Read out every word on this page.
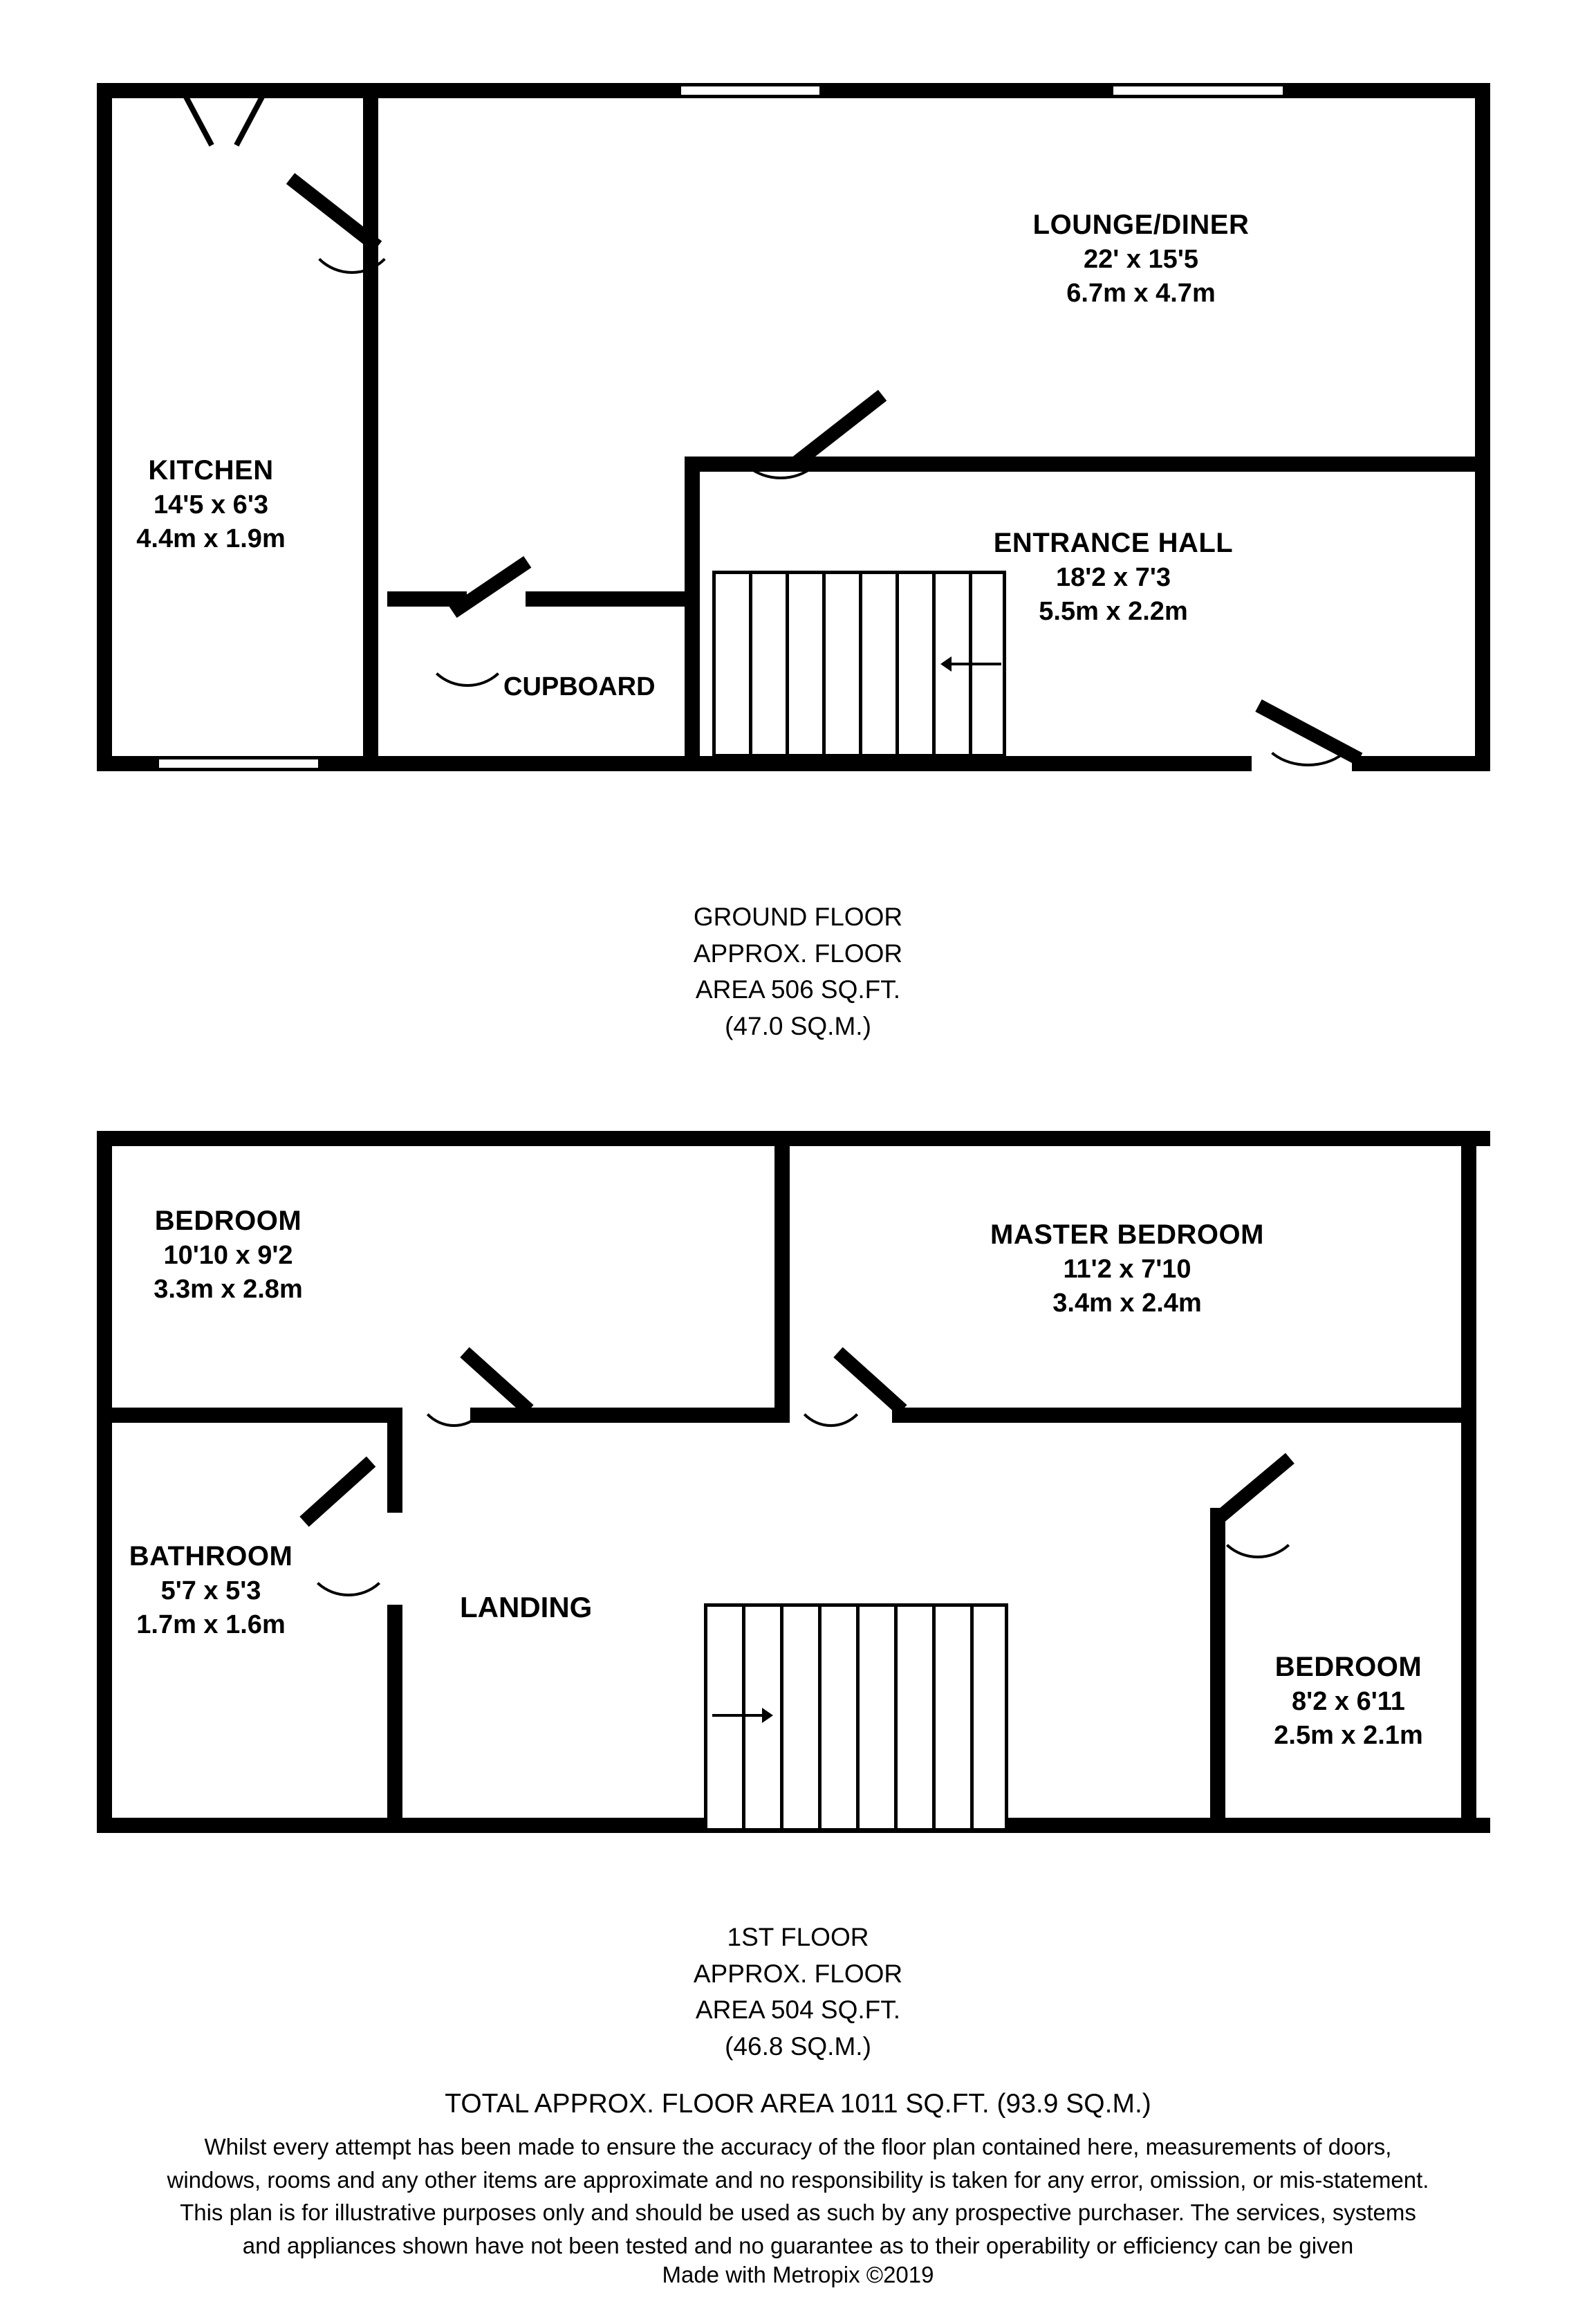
LOUNGE/DINER
22' x 15'5
6.7m x 4.7m
KITCHEN
14'5 x 6'3
4.4m x 1.9m	ENTRANCE HALL
18'2 x 7'3
5.5m x 2.2m
CUPBOARD
GROUND FLOOR
APPROX. FLOOR
AREA 506 SQ.FT.
(47.0 SQ.M.)
BEDROOM
10'10 x 9'2
3.3m x 2.8m
MASTER BEDROOM
11'2 x 7'10
3.4m x 2.4m
BATHROOM
5'7 x 5'3
1.7m x 1.6m
BEDROOM
8'2 x 6'11
2.5m x 2.1m
LANDING
1ST FLOOR
APPROX. FLOOR
AREA 504 SQ.FT.
(46.8 SQ.M.)
TOTAL APPROX. FLOOR AREA 1011 SQ.FT. (93.9 SQ.M.)
Whilst every attempt has been made to ensure the accuracy of the floor plan contained here, measurements of doors, windows, rooms and any other items are approximate and no responsibility is taken for any error, omission, or mis-statement. This plan is for illustrative purposes only and should be used as such by any prospective purchaser. The services, systems and appliances shown have not been tested and no guarantee as to their operability or efficiency can be given
Made with Metropix ©2019
